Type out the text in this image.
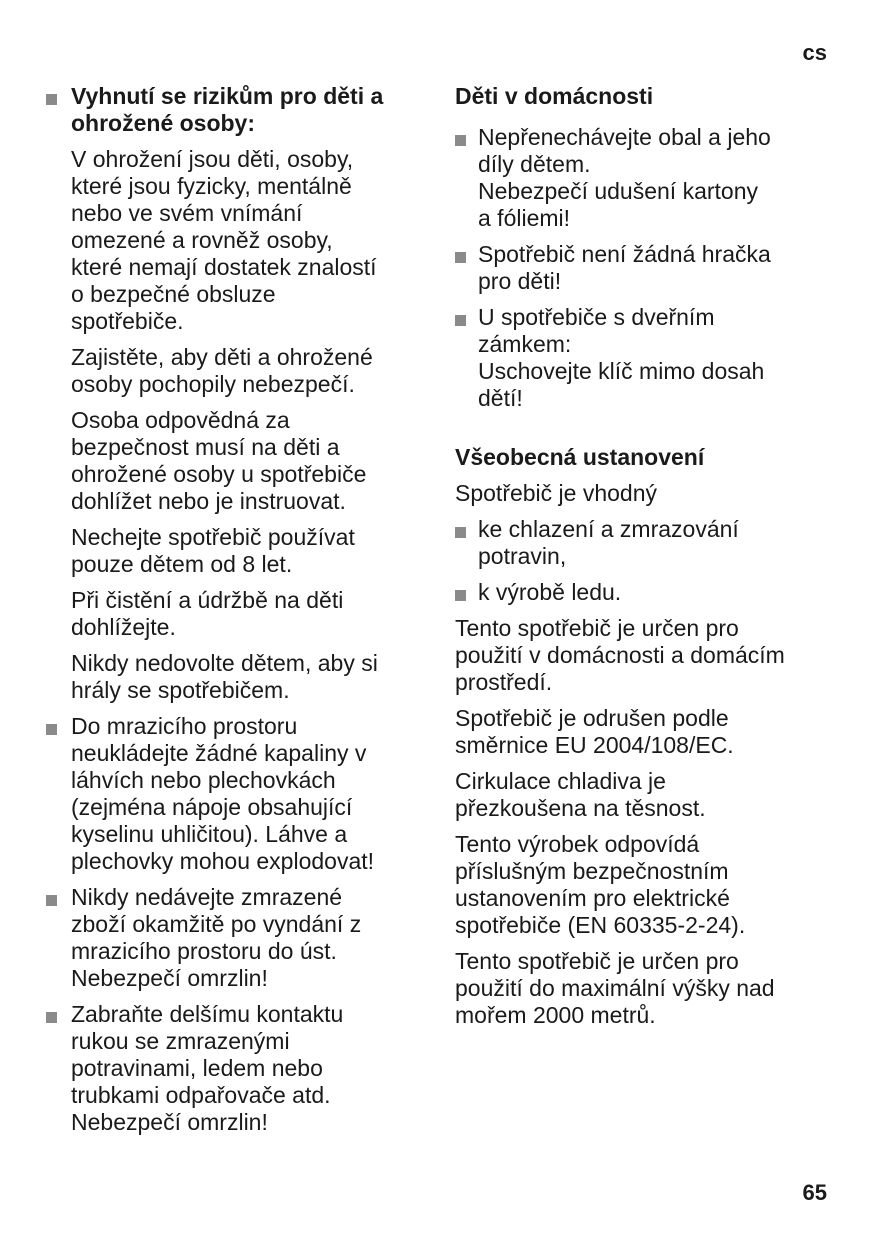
cs

Vyhnutí se rizikům pro děti a
ohrožené osoby:

V ohrožení jsou děti, osoby,
které jsou fyzicky, mentálně
nebo ve svém vnímání
omezené a rovněž osoby,
které nemají dostatek znalostí
o bezpečné obsluze
spotřebiče.

Zajistěte, aby děti a ohrožené
osoby pochopily nebezpečí.

Osoba odpovědná za
bezpečnost musí na děti a
ohrožené osoby u spotřebiče
dohlížet nebo je instruovat.

Nechejte spotřebič používat
pouze dětem od 8 let.

Při čistění a údržbě na děti
dohlížejte.

Nikdy nedovolte dětem, aby si
hrály se spotřebičem.

Do mrazicího prostoru
neukládejte žádné kapaliny v
láhvích nebo plechovkách
(zejména nápoje obsahující
kyselinu uhličitou). Láhve a
plechovky mohou explodovat!

Nikdy nedávejte zmrazené
zboží okamžitě po vyndání z
mrazicího prostoru do úst.
Nebezpečí omrzlin!

Zabraňte delšímu kontaktu
rukou se zmrazenými
potravinami, ledem nebo
trubkami odpařovače atd.
Nebezpečí omrzlin!

Děti v domácnosti
Nepřenechávejte obal a jeho
díly dětem.
Nebezpečí udušení kartony
a fóliemi!
Spotřebič není žádná hračka
pro děti!
U spotřebiče s dveřním
zámkem:
Uschovejte klíč mimo dosah
dětí!
Všeobecná ustanovení
Spotřebič je vhodný
ke chlazení a zmrazování
potravin,
k výrobě ledu.
Tento spotřebič je určen pro
použití v domácnosti a domácím
prostředí.
Spotřebič je odrušen podle
směrnice EU 2004/108/EC.
Cirkulace chladiva je
přezkoušena na těsnost.
Tento výrobek odpovídá
příslušným bezpečnostním
ustanovením pro elektrické
spotřebiče (EN 60335-2-24).
Tento spotřebič je určen pro
použití do maximální výšky nad
mořem 2000 metrů.
65
